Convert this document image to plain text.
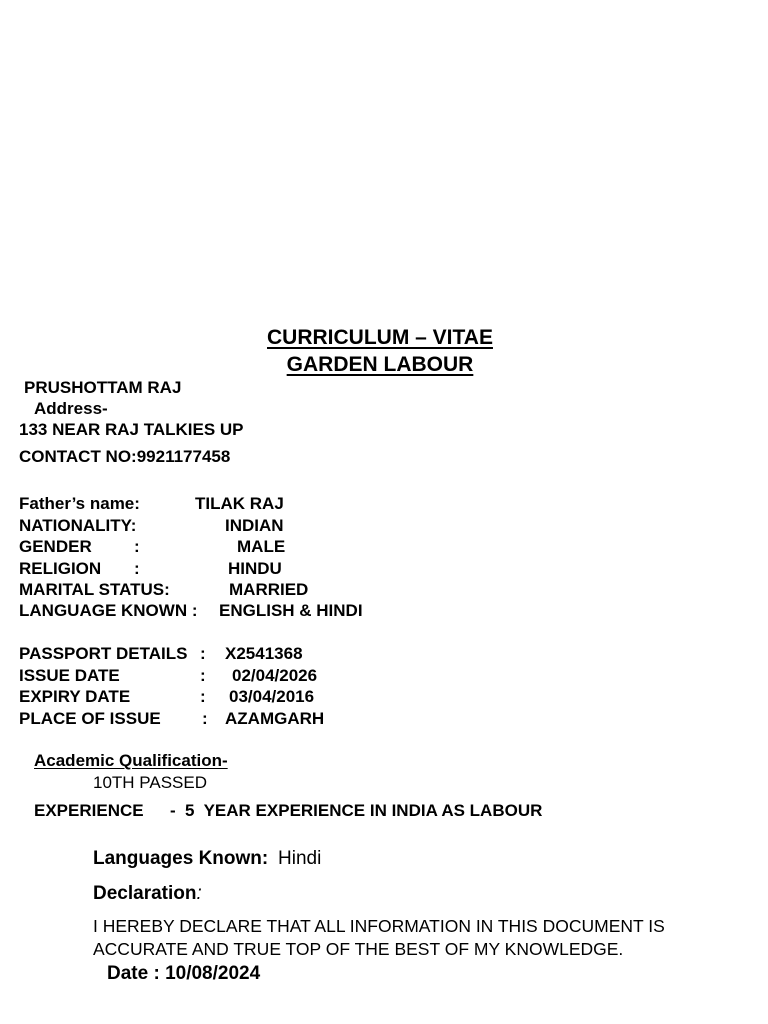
CURRICULUM – VITAE
GARDEN LABOUR
PRUSHOTTAM RAJ
Address-
133 NEAR RAJ TALKIES UP
CONTACT NO:9921177458
Father’s name:	TILAK RAJ
NATIONALITY:	INDIAN
GENDER :	MALE
RELIGION :	HINDU
MARITAL STATUS:	MARRIED
LANGUAGE KNOWN : ENGLISH & HINDI
PASSPORT DETAILS : X2541368
ISSUE DATE	: 02/04/2026
EXPIRY DATE	: 03/04/2016
PLACE OF ISSUE : AZAMGARH
Academic Qualification-
10TH PASSED
EXPERIENCE - 5  YEAR EXPERIENCE IN INDIA AS LABOUR
Languages Known: Hindi
Declaration:
I HEREBY DECLARE THAT ALL INFORMATION IN THIS DOCUMENT IS
ACCURATE AND TRUE TOP OF THE BEST OF MY KNOWLEDGE.
Date : 10/08/2024
